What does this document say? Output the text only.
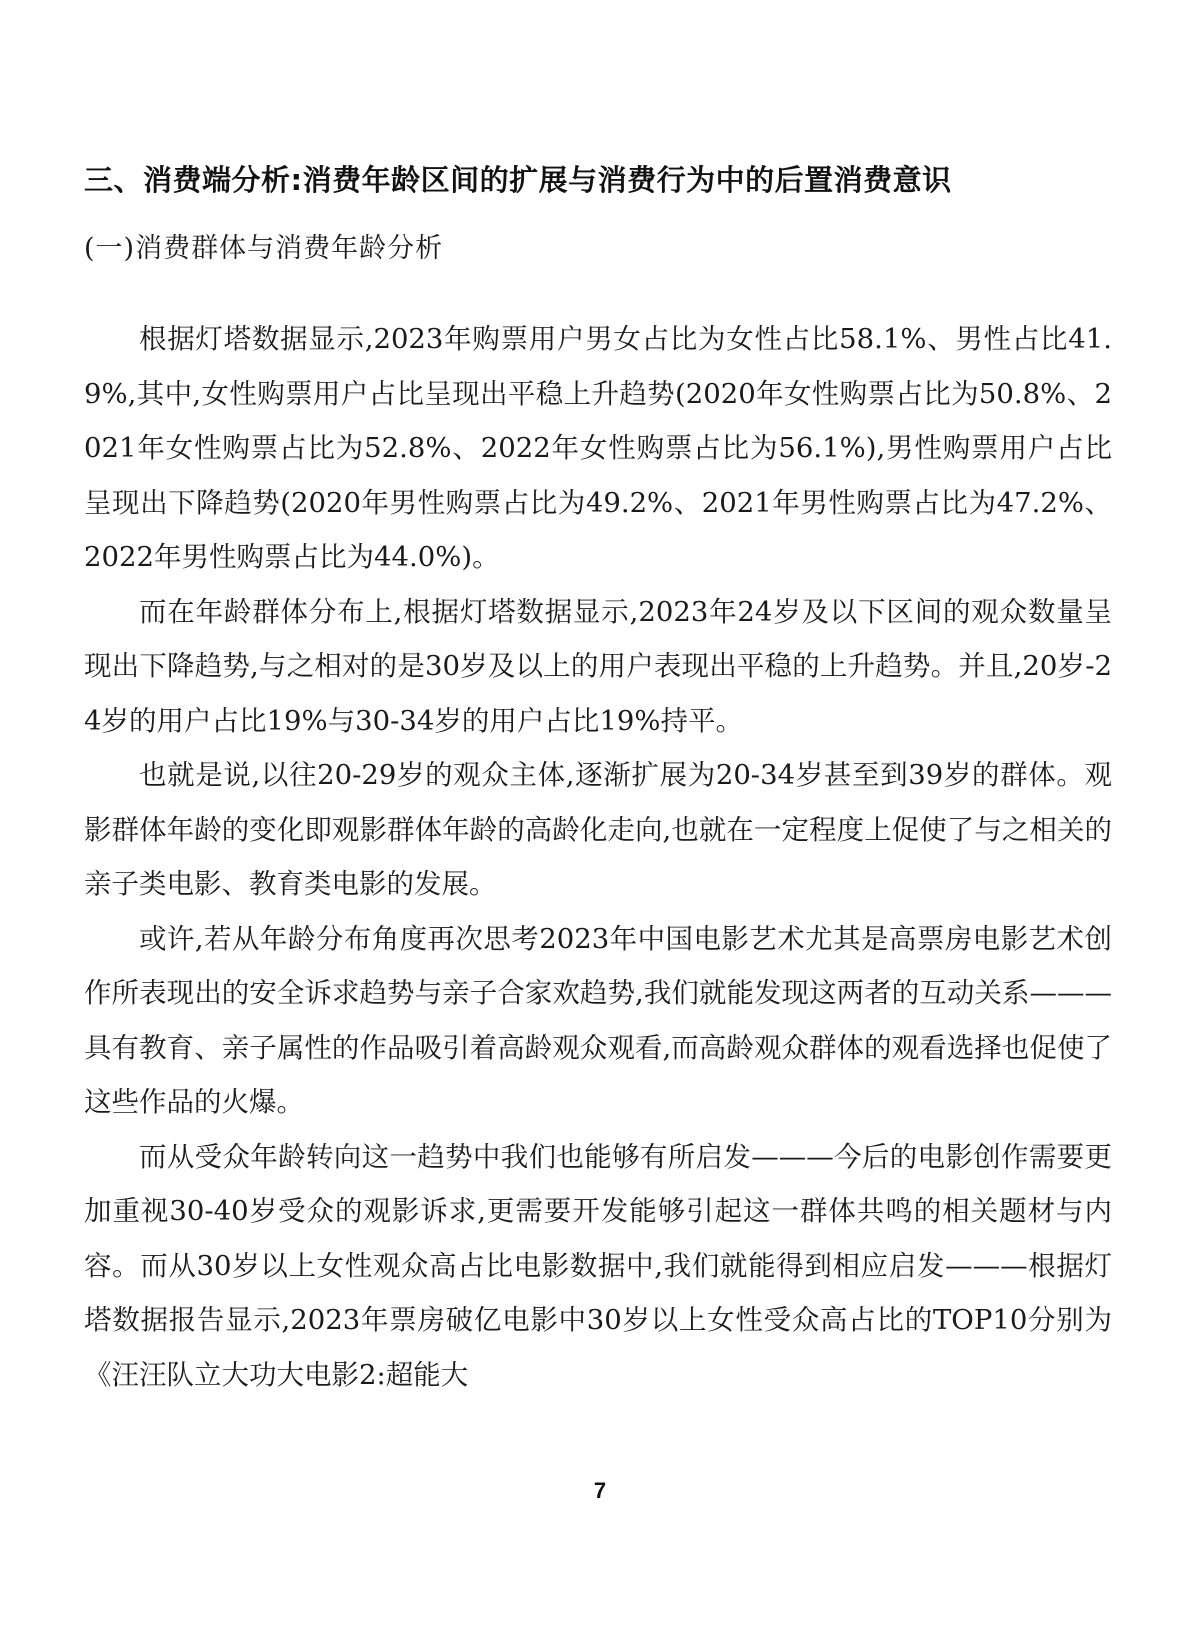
三、消费端分析:消费年龄区间的扩展与消费行为中的后置消费意识
(一)消费群体与消费年龄分析

根据灯塔数据显示,2023年购票用户男女占比为女性占比58.1%、男性占比41.9%,其中,女性购票用户占比呈现出平稳上升趋势(2020年女性购票占比为50.8%、2021年女性购票占比为52.8%、2022年女性购票占比为56.1%),男性购票用户占比呈现出下降趋势(2020年男性购票占比为49.2%、2021年男性购票占比为47.2%、2022年男性购票占比为44.0%)。

而在年龄群体分布上,根据灯塔数据显示,2023年24岁及以下区间的观众数量呈现出下降趋势,与之相对的是30岁及以上的用户表现出平稳的上升趋势。并且,20岁-24岁的用户占比19%与30-34岁的用户占比19%持平。

也就是说,以往20-29岁的观众主体,逐渐扩展为20-34岁甚至到39岁的群体。观影群体年龄的变化即观影群体年龄的高龄化走向,也就在一定程度上促使了与之相关的亲子类电影、教育类电影的发展。

或许,若从年龄分布角度再次思考2023年中国电影艺术尤其是高票房电影艺术创作所表现出的安全诉求趋势与亲子合家欢趋势,我们就能发现这两者的互动关系———具有教育、亲子属性的作品吸引着高龄观众观看,而高龄观众群体的观看选择也促使了这些作品的火爆。

而从受众年龄转向这一趋势中我们也能够有所启发———今后的电影创作需要更加重视30-40岁受众的观影诉求,更需要开发能够引起这一群体共鸣的相关题材与内容。而从30岁以上女性观众高占比电影数据中,我们就能得到相应启发———根据灯塔数据报告显示,2023年票房破亿电影中30岁以上女性受众高占比的TOP10分别为《汪汪队立大功大电影2:超能大

7
